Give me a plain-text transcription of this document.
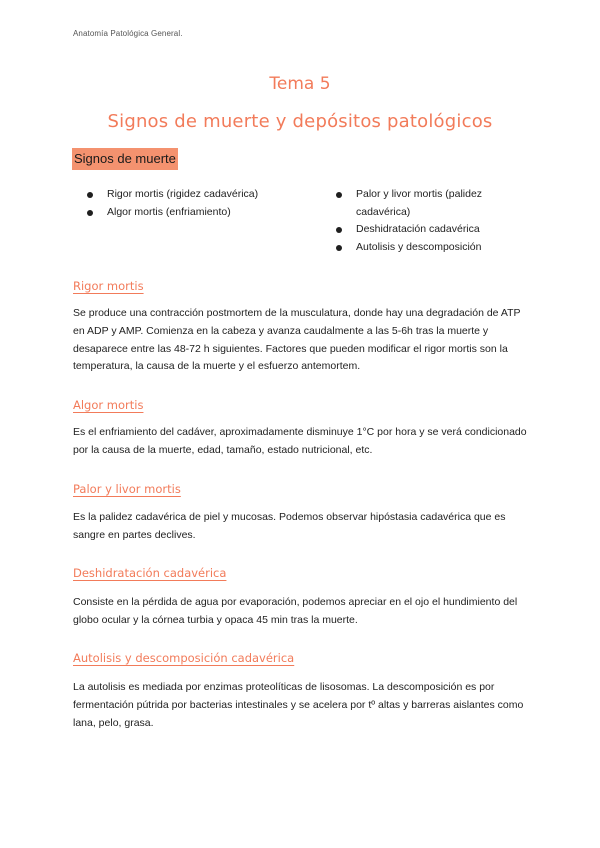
Anatomía Patológica General.
Tema 5
Signos de muerte y depósitos patológicos
Signos de muerte
Rigor mortis (rigidez cadavérica)
Algor mortis (enfriamiento)
Palor y livor mortis (palidez cadavérica)
Deshidratación cadavérica
Autolisis y descomposición
Rigor mortis

Se produce una contracción postmortem de la musculatura, donde hay una degradación de ATP en ADP y AMP. Comienza en la cabeza y avanza caudalmente a las 5-6h tras la muerte y desaparece entre las 48-72 h siguientes. Factores que pueden modificar el rigor mortis son la temperatura, la causa de la muerte y el esfuerzo antemortem.

Algor mortis

Es el enfriamiento del cadáver, aproximadamente disminuye 1°C por hora y se verá condicionado por la causa de la muerte, edad, tamaño, estado nutricional, etc.

Palor y livor mortis

Es la palidez cadavérica de piel y mucosas. Podemos observar hipóstasia cadavérica que es sangre en partes declives.

Deshidratación cadavérica

Consiste en la pérdida de agua por evaporación, podemos apreciar en el ojo el hundimiento del globo ocular y la córnea turbia y opaca 45 min tras la muerte.

Autolisis y descomposición cadavérica

La autolisis es mediada por enzimas proteolíticas de lisosomas. La descomposición es por fermentación pútrida por bacterias intestinales y se acelera por tº altas y barreras aislantes como lana, pelo, grasa.
